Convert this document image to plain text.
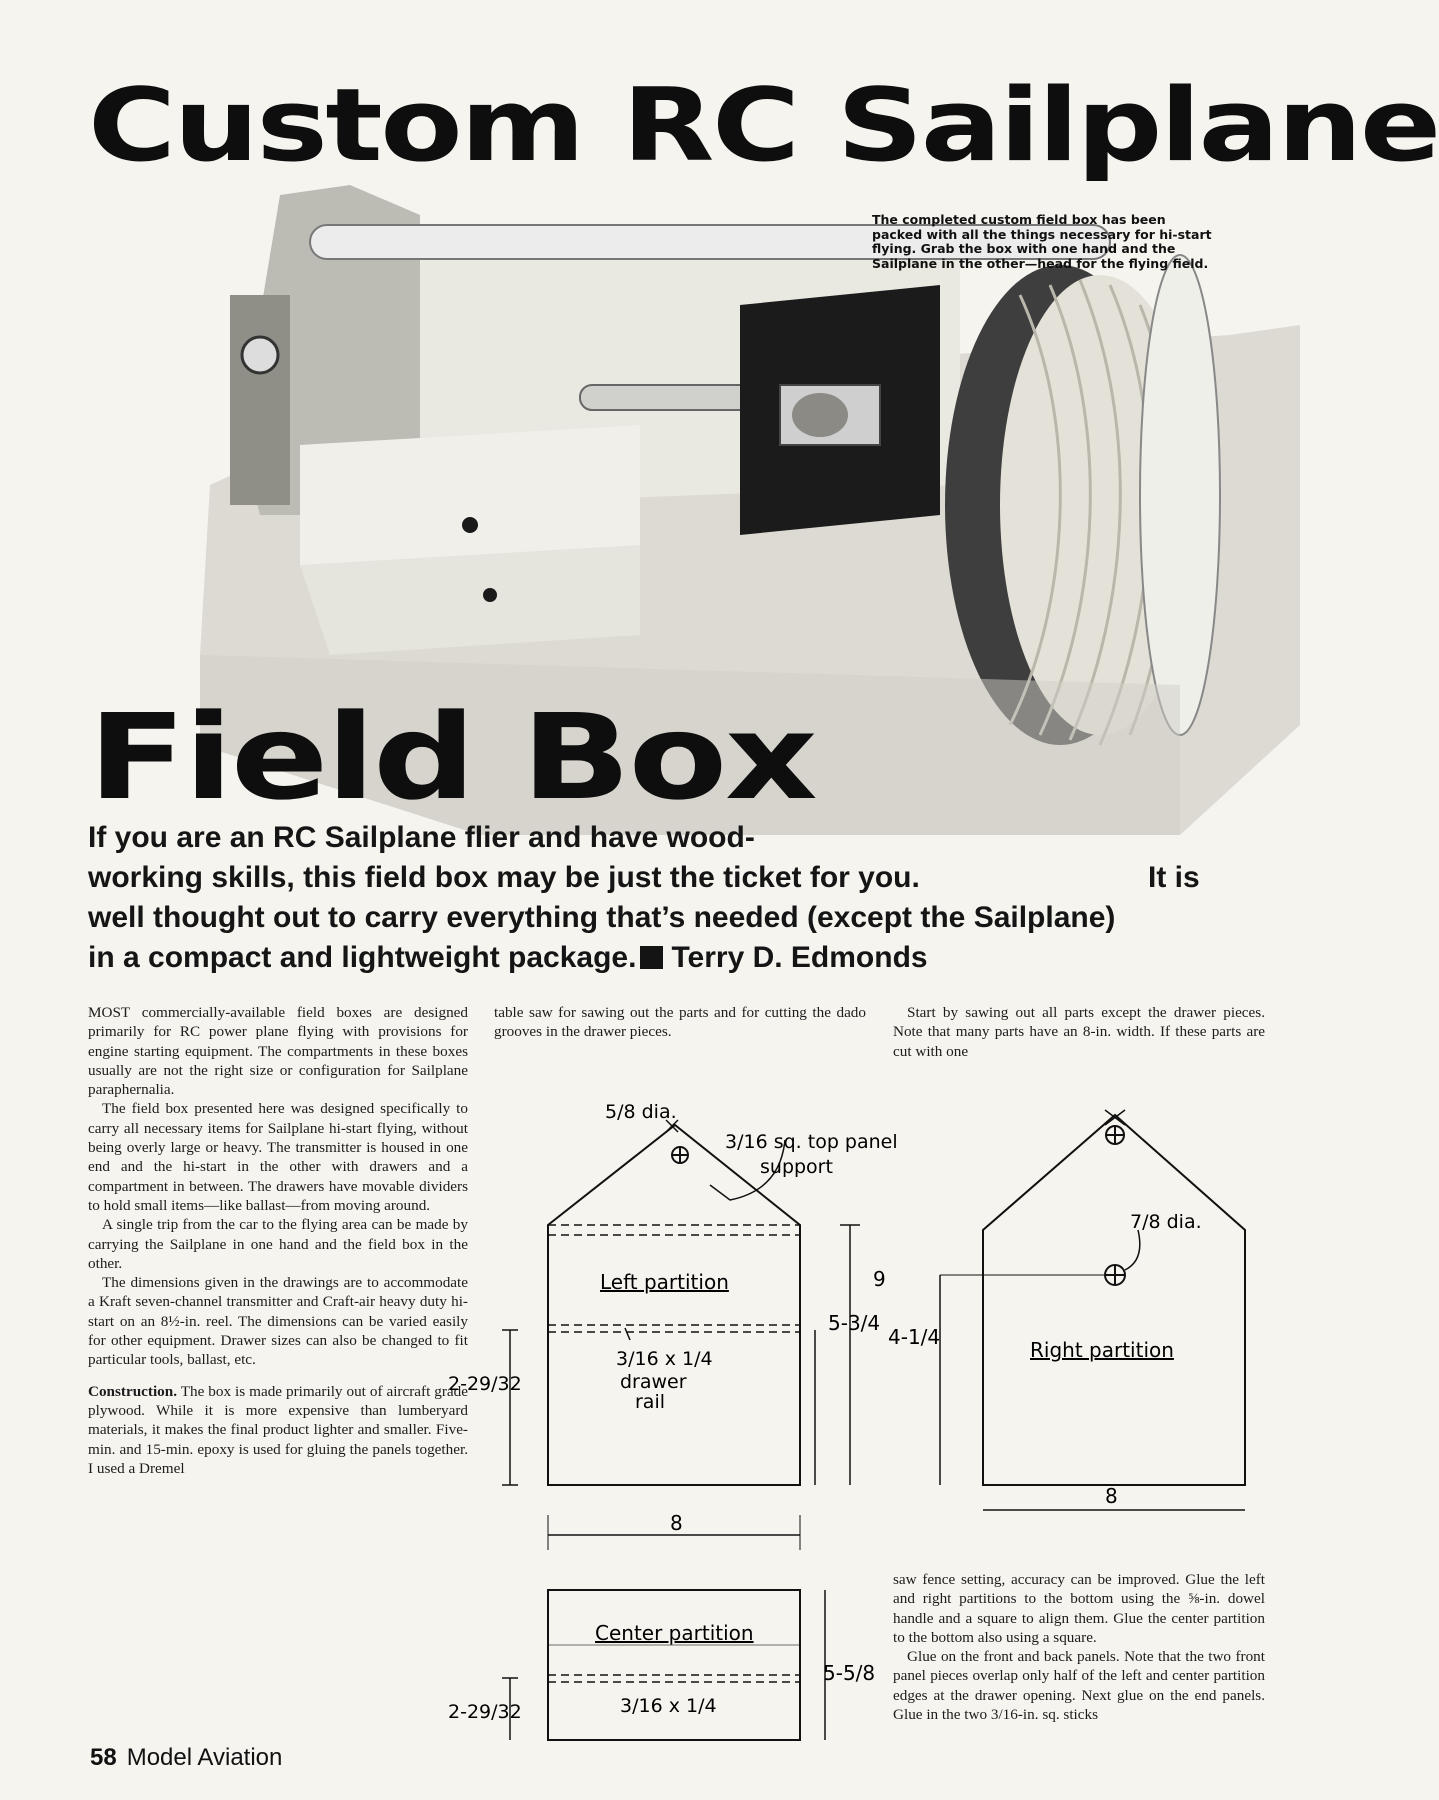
Custom RC Sailplane
The completed custom field box has been packed with all the things necessary for hi-start flying. Grab the box with one hand and the Sailplane in the other—head for the flying field.
Field Box
If you are an RC Sailplane flier and have wood-
working skills, this field box may be just the ticket for you.	It is
well thought out to carry everything that’s needed (except the Sailplane)
in a compact and lightweight package. Terry D. Edmonds

MOST commercially-available field boxes are designed primarily for RC power plane flying with provisions for engine starting equipment. The compartments in these boxes usually are not the right size or configuration for Sailplane paraphernalia.

The field box presented here was designed specifically to carry all necessary items for Sailplane hi-start flying, without being overly large or heavy. The transmitter is housed in one end and the hi-start in the other with drawers and a compartment in between. The drawers have movable dividers to hold small items—like ballast—from moving around.

A single trip from the car to the flying area can be made by carrying the Sailplane in one hand and the field box in the other.

The dimensions given in the drawings are to accommodate a Kraft seven-channel transmitter and Craft-air heavy duty hi-start on an 8½-in. reel. The dimensions can be varied easily for other equipment. Drawer sizes can also be changed to fit particular tools, ballast, etc.

Construction. The box is made primarily out of aircraft grade plywood. While it is more expensive than lumberyard materials, it makes the final product lighter and smaller. Five-min. and 15-min. epoxy is used for gluing the panels together. I used a Dremel

table saw for sawing out the parts and for cutting the dado grooves in the drawer pieces.

Start by sawing out all parts except the drawer pieces. Note that many parts have an 8-in. width. If these parts are cut with one

saw fence setting, accuracy can be improved. Glue the left and right partitions to the bottom using the ⅝-in. dowel handle and a square to align them. Glue the center partition to the bottom also using a square.

Glue on the front and back panels. Note that the two front panel pieces overlap only half of the left and center partition edges at the drawer opening. Next glue on the end panels. Glue in the two 3/16-in. sq. sticks

5/8 dia.
3/16 sq. top panel
support
Left partition	9
5-3/4
2-29/32
3/16 x 1/4
drawer
rail
8
Center partition
5-5/8
2-29/32	3/16 x 1/4
7/8 dia.
4-1/4
Right partition
8
58 Model Aviation
